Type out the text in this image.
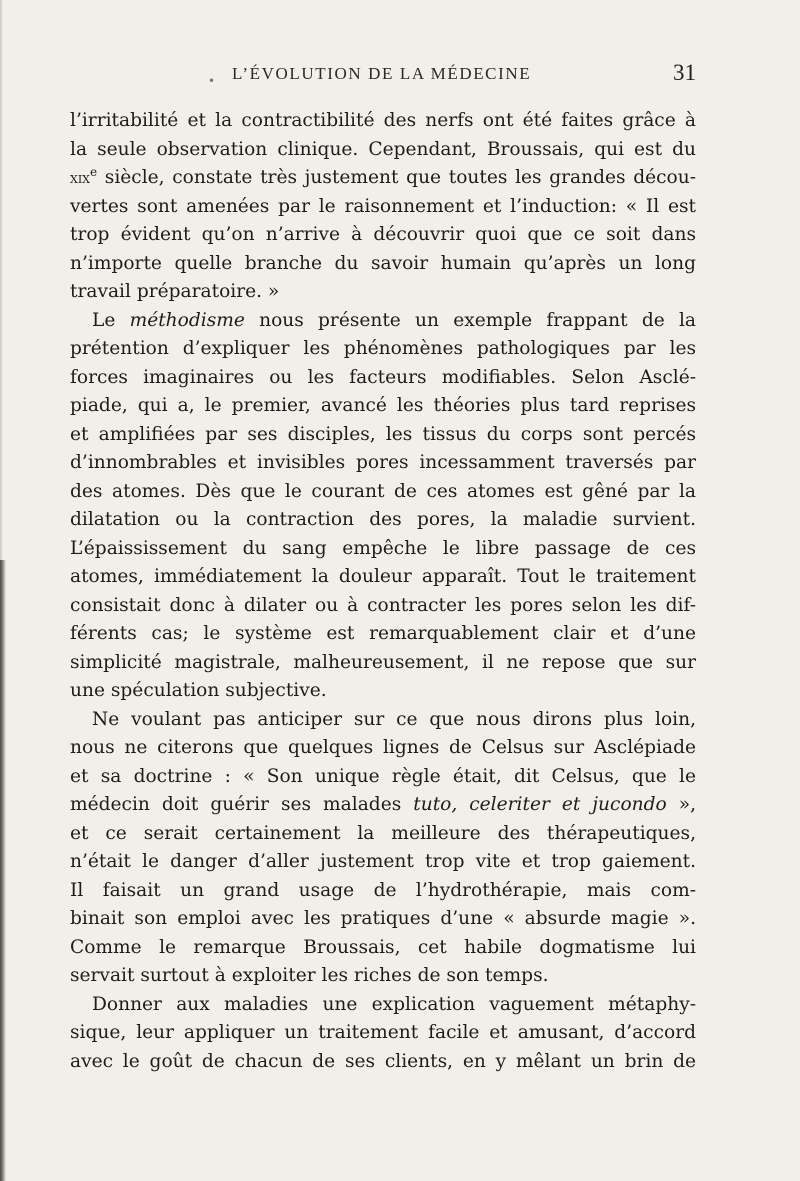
• L’ÉVOLUTION DE LA MÉDECINE	31
l’irritabilité et la contractibilité des nerfs ont été faites grâce à
la seule observation clinique. Cependant, Broussais, qui est du
xix$^e$ siècle, constate très justement que toutes les grandes décou-
vertes sont amenées par le raisonnement et l’induction: « Il est
trop évident qu’on n’arrive à découvrir quoi que ce soit dans
n’importe quelle branche du savoir humain qu’après un long
travail préparatoire. »
Le méthodisme nous présente un exemple frappant de la
prétention d’expliquer les phénomènes pathologiques par les
forces imaginaires ou les facteurs modifiables. Selon Asclé-
piade, qui a, le premier, avancé les théories plus tard reprises
et amplifiées par ses disciples, les tissus du corps sont percés
d’innombrables et invisibles pores incessamment traversés par
des atomes. Dès que le courant de ces atomes est gêné par la
dilatation ou la contraction des pores, la maladie survient.
L’épaississement du sang empêche le libre passage de ces
atomes, immédiatement la douleur apparaît. Tout le traitement
consistait donc à dilater ou à contracter les pores selon les dif-
férents cas; le système est remarquablement clair et d’une
simplicité magistrale, malheureusement, il ne repose que sur
une spéculation subjective.
Ne voulant pas anticiper sur ce que nous dirons plus loin,
nous ne citerons que quelques lignes de Celsus sur Asclépiade
et sa doctrine : « Son unique règle était, dit Celsus, que le
médecin doit guérir ses malades tuto, celeriter et jucondo »,
et ce serait certainement la meilleure des thérapeutiques,
n’était le danger d’aller justement trop vite et trop gaiement.
Il faisait un grand usage de l’hydrothérapie, mais com-
binait son emploi avec les pratiques d’une « absurde magie ».
Comme le remarque Broussais, cet habile dogmatisme lui
servait surtout à exploiter les riches de son temps.
Donner aux maladies une explication vaguement métaphy-
sique, leur appliquer un traitement facile et amusant, d’accord
avec le goût de chacun de ses clients, en y mêlant un brin de
